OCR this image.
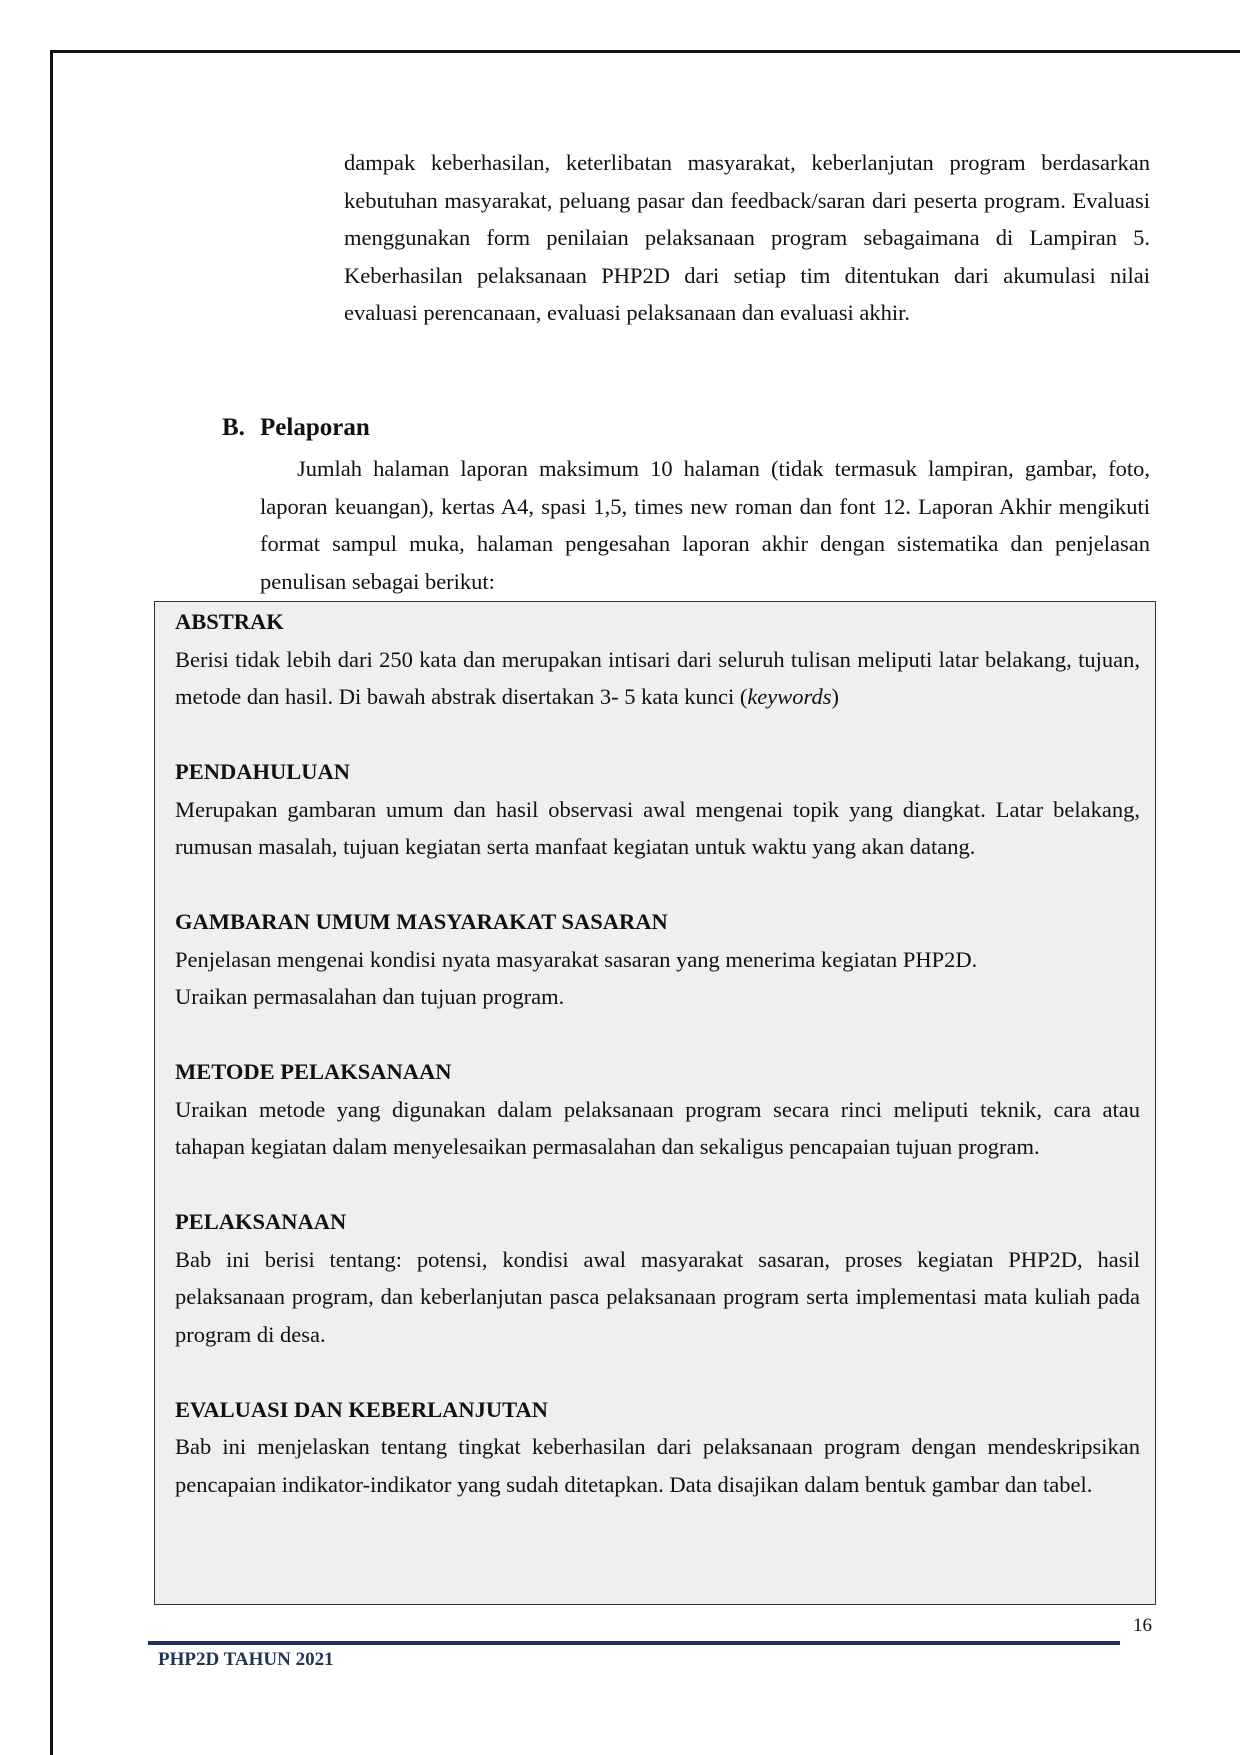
dampak keberhasilan, keterlibatan masyarakat, keberlanjutan program berdasarkan kebutuhan masyarakat, peluang pasar dan feedback/saran dari peserta program. Evaluasi menggunakan form penilaian pelaksanaan program sebagaimana di Lampiran 5. Keberhasilan pelaksanaan PHP2D dari setiap tim ditentukan dari akumulasi nilai evaluasi perencanaan, evaluasi pelaksanaan dan evaluasi akhir.

B. Pelaporan

Jumlah halaman laporan maksimum 10 halaman (tidak termasuk lampiran, gambar, foto, laporan keuangan), kertas A4, spasi 1,5, times new roman dan font 12. Laporan Akhir mengikuti format sampul muka, halaman pengesahan laporan akhir dengan sistematika dan penjelasan penulisan sebagai berikut:

ABSTRAK

Berisi tidak lebih dari 250 kata dan merupakan intisari dari seluruh tulisan meliputi latar belakang, tujuan, metode dan hasil. Di bawah abstrak disertakan 3- 5 kata kunci (keywords)

PENDAHULUAN

Merupakan gambaran umum dan hasil observasi awal mengenai topik yang diangkat. Latar belakang, rumusan masalah, tujuan kegiatan serta manfaat kegiatan untuk waktu yang akan datang.

GAMBARAN UMUM MASYARAKAT SASARAN

Penjelasan mengenai kondisi nyata masyarakat sasaran yang menerima kegiatan PHP2D.

Uraikan permasalahan dan tujuan program.

METODE PELAKSANAAN

Uraikan metode yang digunakan dalam pelaksanaan program secara rinci meliputi teknik, cara atau tahapan kegiatan dalam menyelesaikan permasalahan dan sekaligus pencapaian tujuan program.

PELAKSANAAN

Bab ini berisi tentang: potensi, kondisi awal masyarakat sasaran, proses kegiatan PHP2D, hasil pelaksanaan program, dan keberlanjutan pasca pelaksanaan program serta implementasi mata kuliah pada program di desa.

EVALUASI DAN KEBERLANJUTAN

Bab ini menjelaskan tentang tingkat keberhasilan dari pelaksanaan program dengan mendeskripsikan pencapaian indikator-indikator yang sudah ditetapkan. Data disajikan dalam bentuk gambar dan tabel.

16
PHP2D TAHUN 2021
